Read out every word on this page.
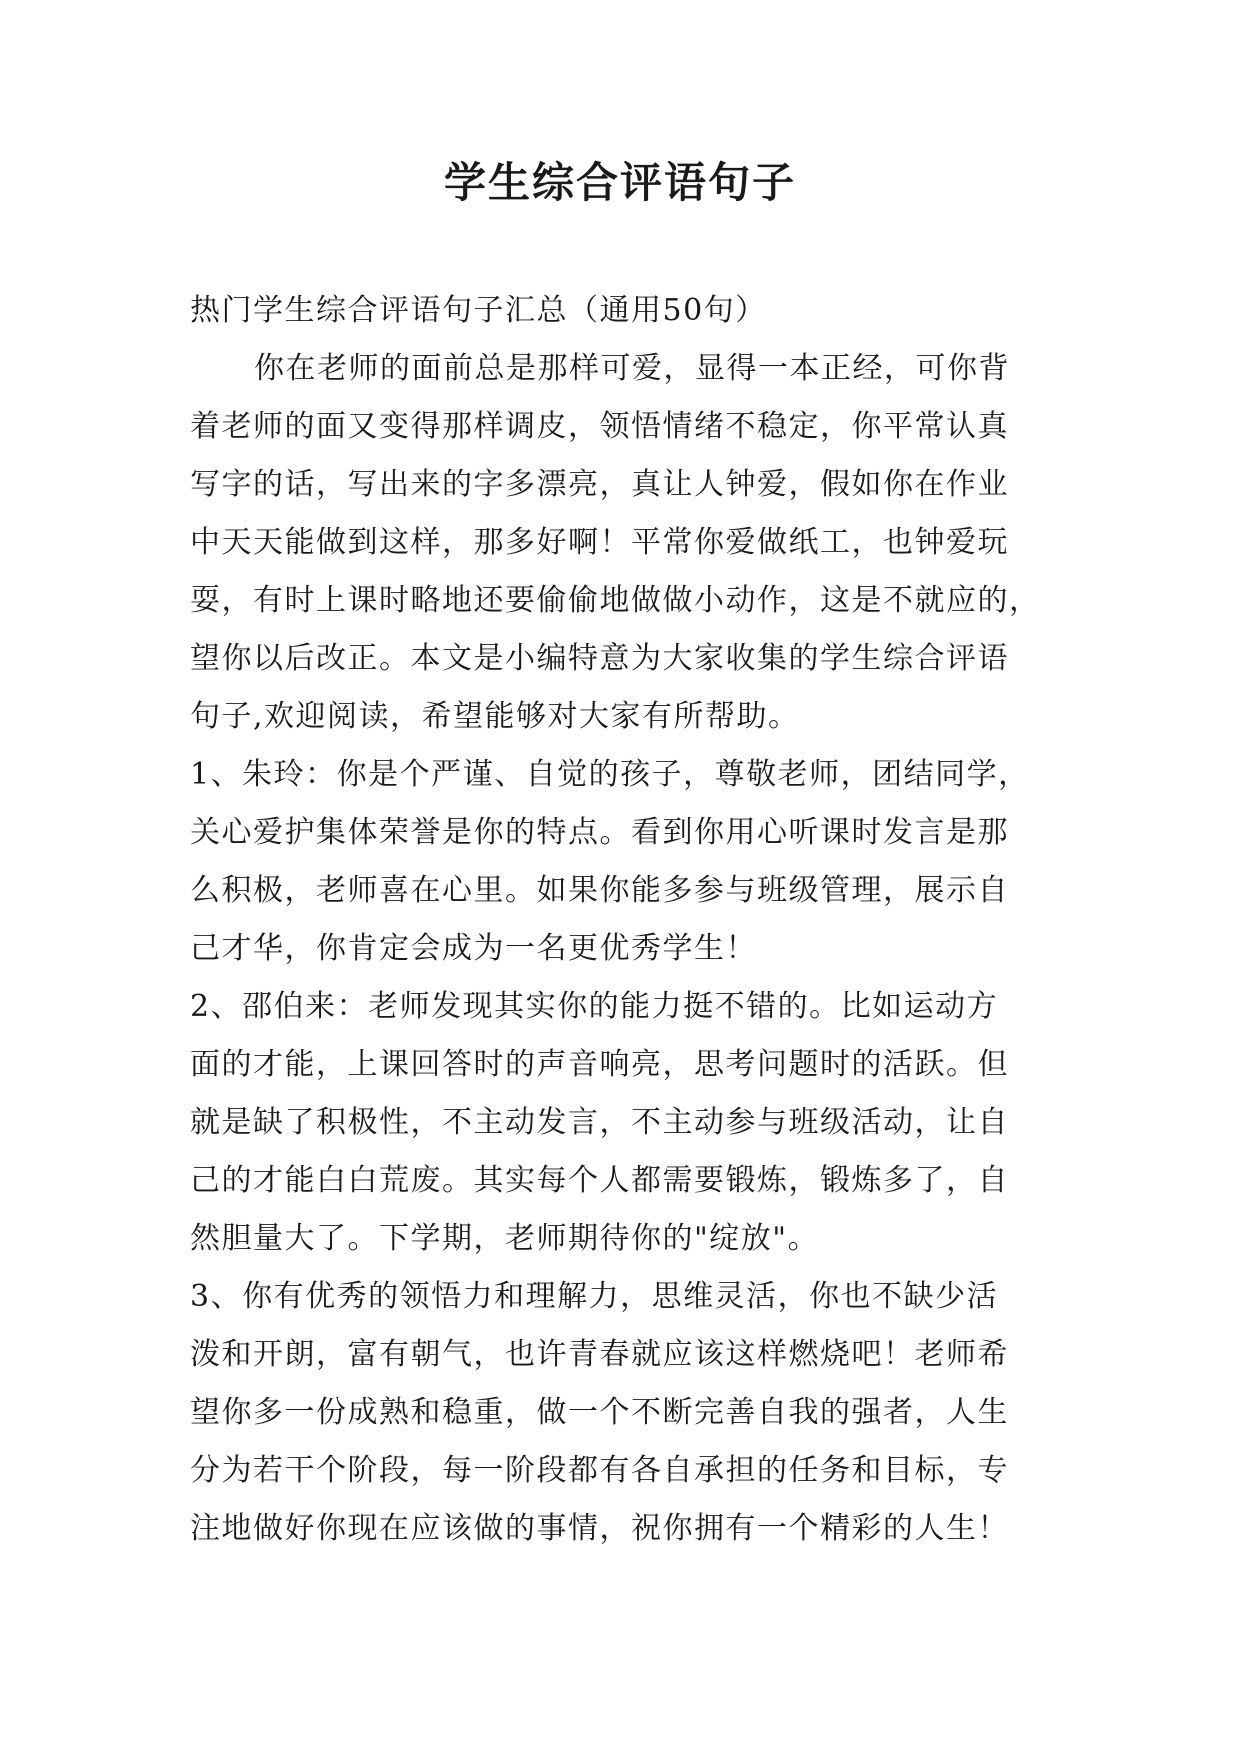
学生综合评语句子

热门学生综合评语句子汇总（通用50句）

你在老师的面前总是那样可爱，显得一本正经，可你背

着老师的面又变得那样调皮，领悟情绪不稳定，你平常认真

写字的话，写出来的字多漂亮，真让人钟爱，假如你在作业

中天天能做到这样，那多好啊！平常你爱做纸工，也钟爱玩

耍，有时上课时略地还要偷偷地做做小动作，这是不就应的，

望你以后改正。本文是小编特意为大家收集的学生综合评语

句子,欢迎阅读，希望能够对大家有所帮助。

1、朱玲：你是个严谨、自觉的孩子，尊敬老师，团结同学，

关心爱护集体荣誉是你的特点。看到你用心听课时发言是那

么积极，老师喜在心里。如果你能多参与班级管理，展示自

己才华，你肯定会成为一名更优秀学生！

2、邵伯来：老师发现其实你的能力挺不错的。比如运动方

面的才能，上课回答时的声音响亮，思考问题时的活跃。但

就是缺了积极性，不主动发言，不主动参与班级活动，让自

己的才能白白荒废。其实每个人都需要锻炼，锻炼多了，自

然胆量大了。下学期，老师期待你的"绽放"。

3、你有优秀的领悟力和理解力，思维灵活，你也不缺少活

泼和开朗，富有朝气，也许青春就应该这样燃烧吧！老师希

望你多一份成熟和稳重，做一个不断完善自我的强者，人生

分为若干个阶段，每一阶段都有各自承担的任务和目标，专

注地做好你现在应该做的事情，祝你拥有一个精彩的人生！
